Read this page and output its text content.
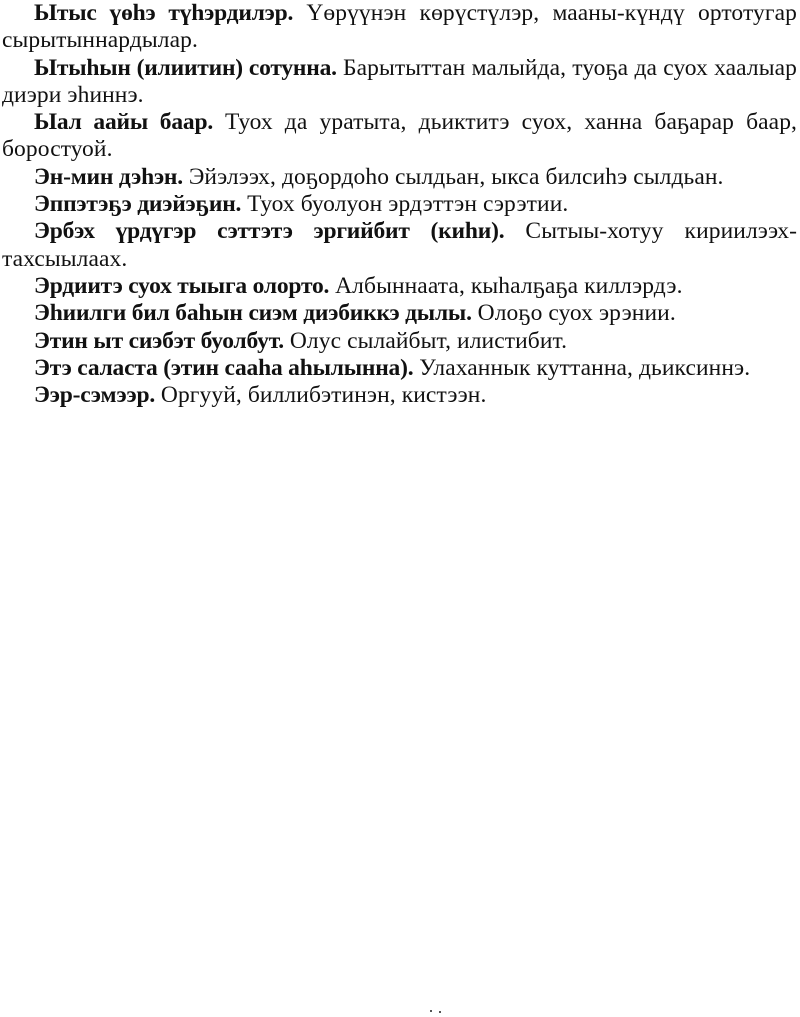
Ытыс үөһэ түһэрдилэр. Үөрүүнэн көрүстүлэр, мааны-күндү ортотугар сырытыннардылар.

Ытыһын (илиитин) сотунна. Барытыттан малыйда, туоҕа да суох хаалыар диэри эһиннэ.

Ыал аайы баар. Туох да уратыта, дьиктитэ суох, ханна баҕарар баар, боростуой.

Эн-мин дэһэн. Эйэлээх, доҕордоһо сылдьан, ыкса билсиһэ сылдьан.

Эппэтэҕэ диэйэҕин. Туох буолуон эрдэттэн сэрэтии.

Эрбэх үрдүгэр сэттэтэ эргийбит (киһи). Сытыы-хотуу кириилээх-тахсыылаах.

Эрдиитэ суох тыыга олорто. Албыннаата, кыһалҕаҕа киллэрдэ.

Эһиилги бил баһын сиэм диэбиккэ дылы. Олоҕо суох эрэнии.

Этин ыт сиэбэт буолбут. Олус сылайбыт, илистибит.

Этэ саласта (этин сааһа аһылынна). Улаханнык куттанна, дьиксиннэ.

Ээр-сэмээр. Оргууй, биллибэтинэн, кистээн.
